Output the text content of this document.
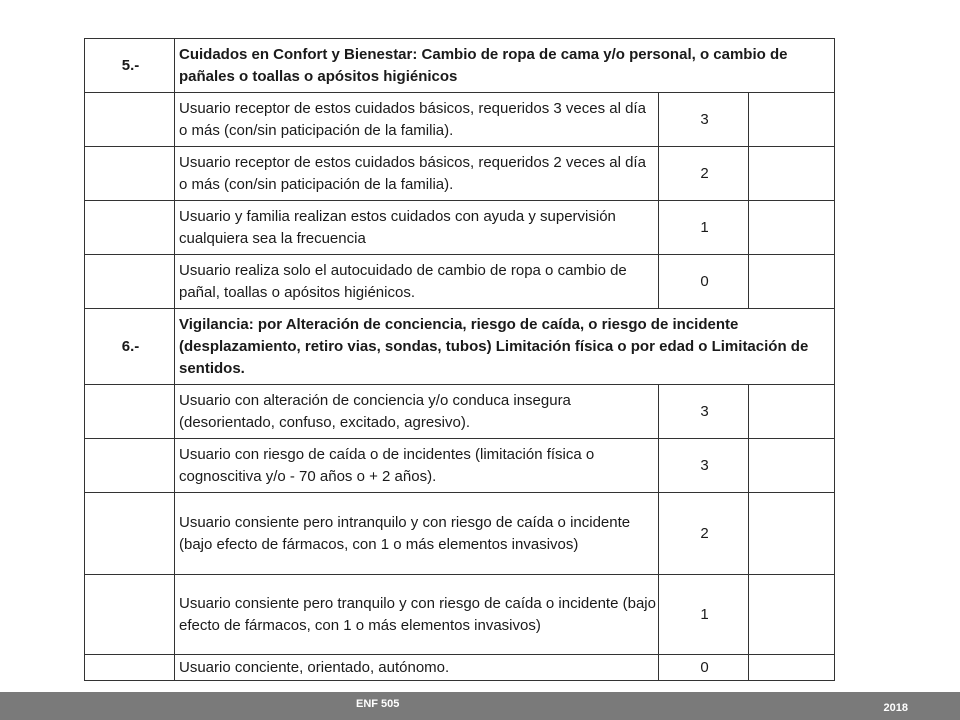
5.-	Cuidados en Confort y Bienestar: Cambio de ropa de cama y/o personal, o cambio de pañales o toallas o apósitos higiénicos		
	Usuario receptor de estos cuidados básicos, requeridos 3 veces al día o más (con/sin paticipación de la familia).	3	
	Usuario receptor de estos cuidados básicos, requeridos 2 veces al día o más (con/sin paticipación de la familia).	2	
	Usuario y familia realizan estos cuidados con ayuda y supervisión cualquiera sea la frecuencia	1	
	Usuario realiza solo el autocuidado de cambio de ropa o cambio de pañal, toallas o apósitos higiénicos.	0	
6.-	Vigilancia: por Alteración de conciencia, riesgo de caída, o riesgo de incidente (desplazamiento, retiro vias, sondas, tubos) Limitación física o por edad o Limitación de sentidos.		
	Usuario con alteración de conciencia y/o conduca insegura (desorientado, confuso, excitado, agresivo).	3	
	Usuario con riesgo de caída o de incidentes (limitación física o cognoscitiva y/o - 70 años o + 2 años).	3	
	Usuario consiente pero intranquilo y con riesgo de caída o incidente (bajo efecto de fármacos, con 1 o más elementos invasivos)	2	
	Usuario consiente pero tranquilo y con riesgo de caída o incidente (bajo efecto de fármacos, con 1 o más elementos invasivos)	1	

	Usuario conciente, orientado, autónomo.	0	
ENF 505	2018
